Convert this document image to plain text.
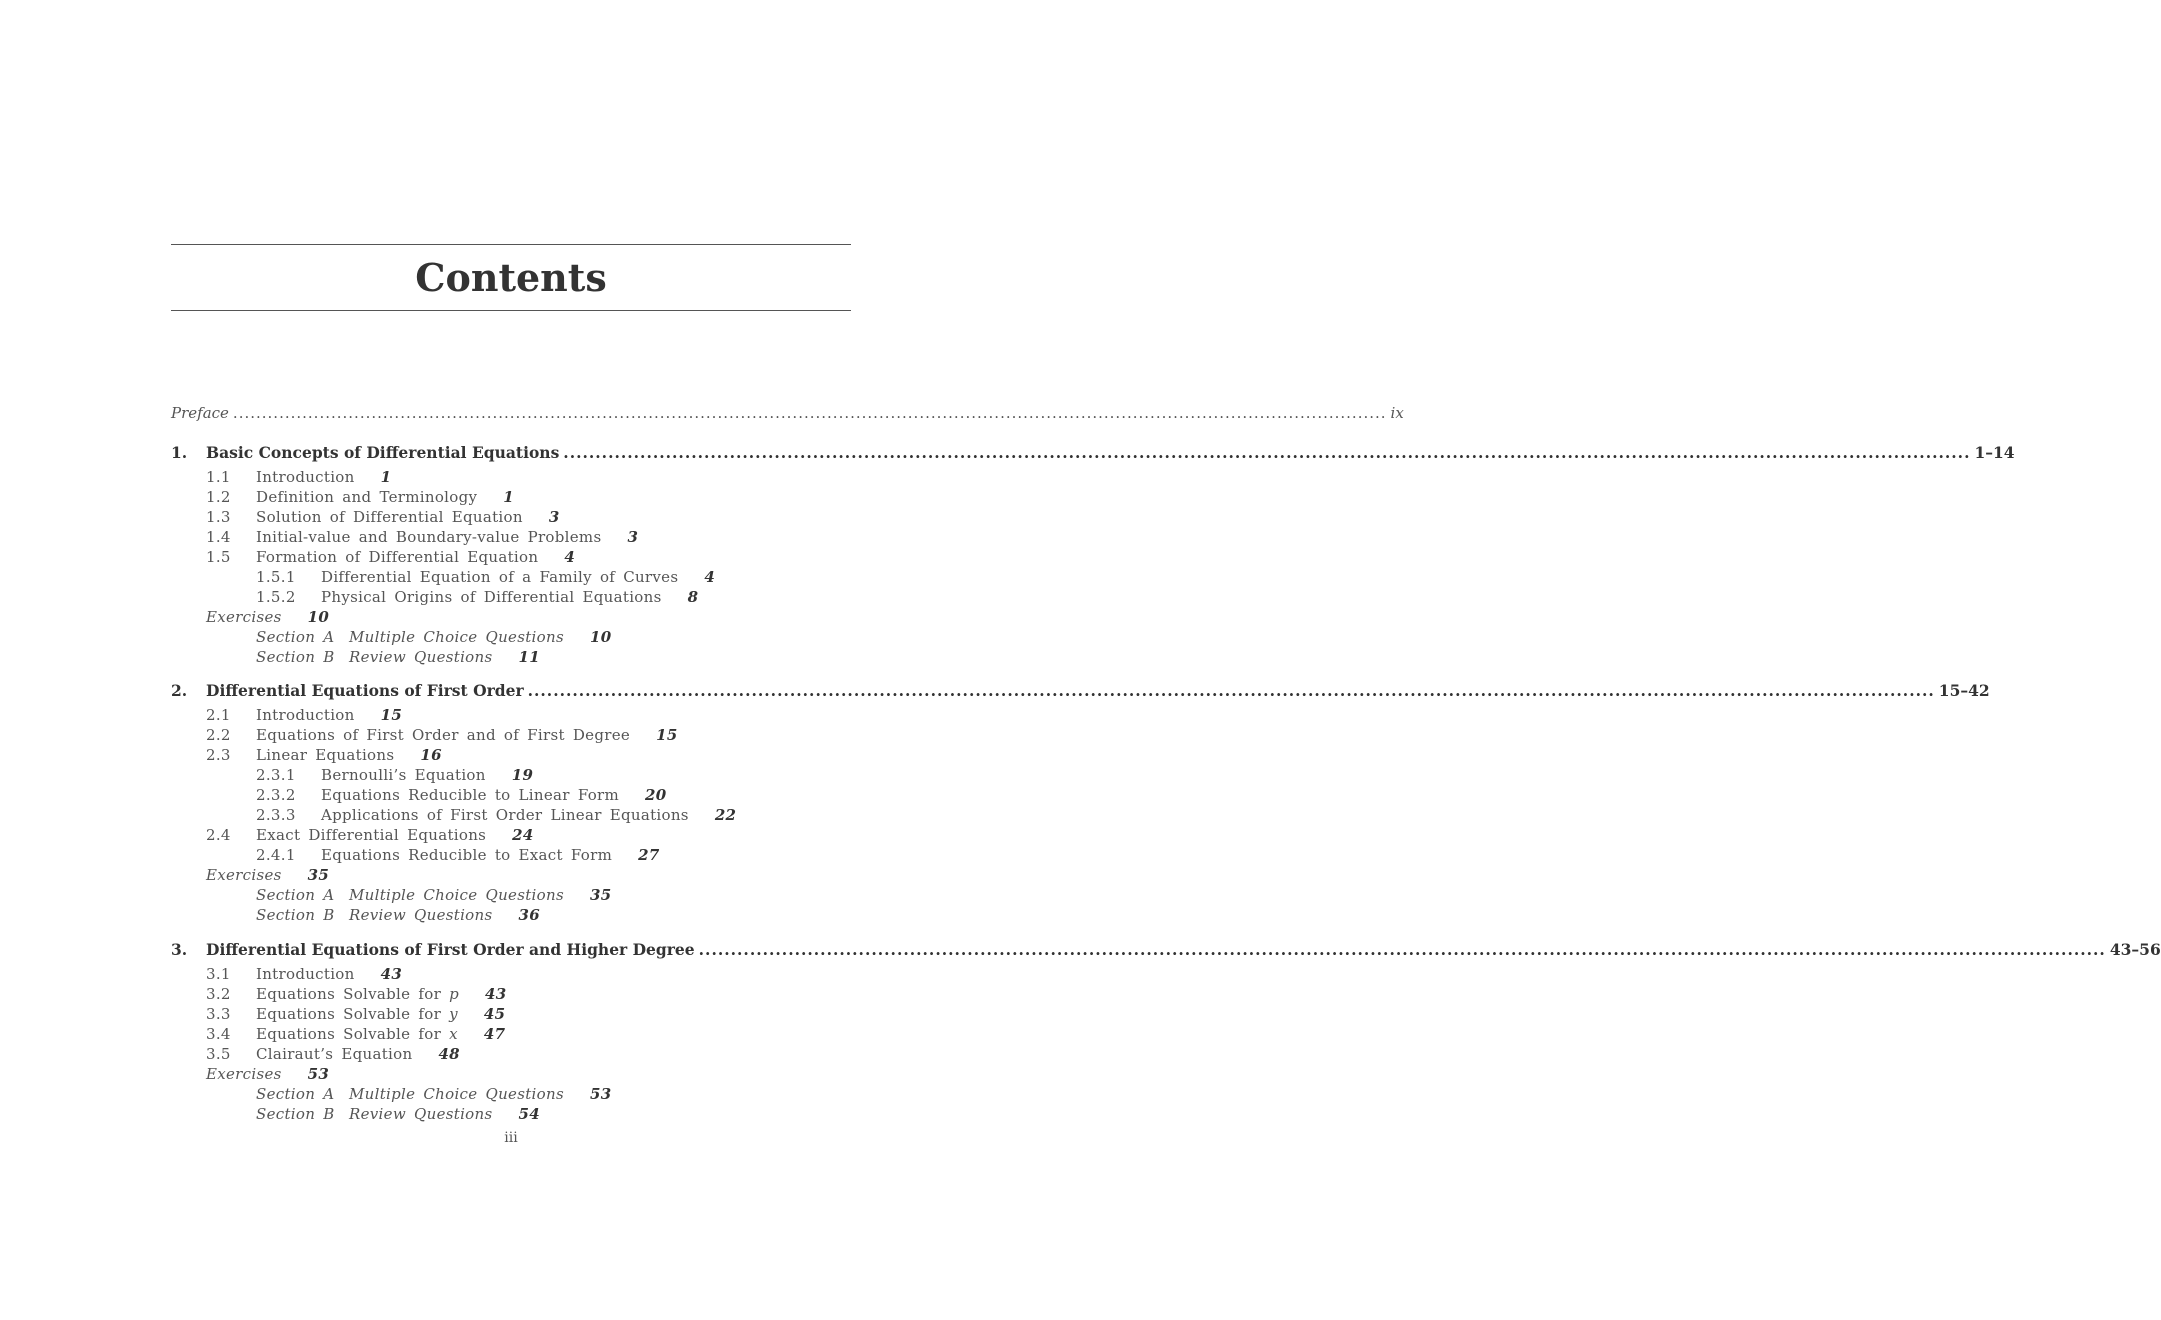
Contents
Preface ........................................................................................................................................................................................................ ix
1.	Basic Concepts of Differential Equations ............................................................................................................................................................................................................................ 1–14
1.1 Introduction 1
1.2 Definition and Terminology 1
1.3 Solution of Differential Equation 3
1.4 Initial-value and Boundary-value Problems 3
1.5 Formation of Differential Equation 4
1.5.1 Differential Equation of a Family of Curves 4
1.5.2 Physical Origins of Differential Equations 8
Exercises 10
Section A Multiple Choice Questions 10
Section B Review Questions 11
2.	Differential Equations of First Order ............................................................................................................................................................................................................................ 15–42
2.1 Introduction 15
2.2 Equations of First Order and of First Degree 15
2.3 Linear Equations 16
2.3.1 Bernoulli’s Equation 19
2.3.2 Equations Reducible to Linear Form 20
2.3.3 Applications of First Order Linear Equations 22
2.4 Exact Differential Equations 24
2.4.1 Equations Reducible to Exact Form 27
Exercises 35
Section A Multiple Choice Questions 35
Section B Review Questions 36
3.	Differential Equations of First Order and Higher Degree ............................................................................................................................................................................................................................ 43–56
3.1 Introduction 43
3.2 Equations Solvable for p 43
3.3 Equations Solvable for y 45
3.4 Equations Solvable for x 47
3.5 Clairaut’s Equation 48
Exercises 53
Section A Multiple Choice Questions 53
Section B Review Questions 54
iii
